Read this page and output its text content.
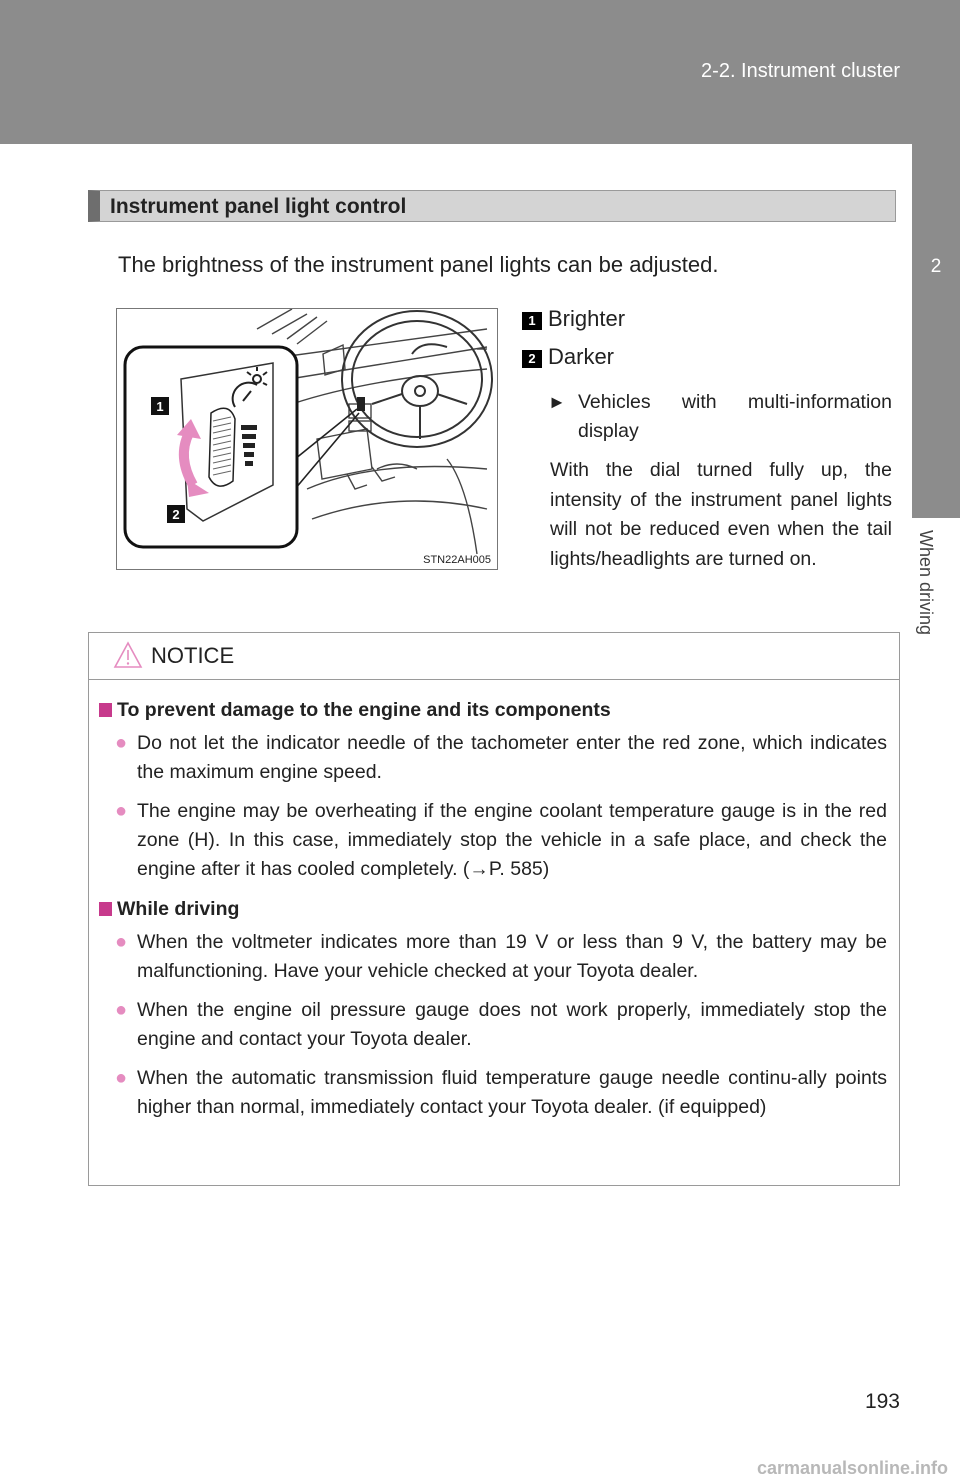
2-2. Instrument cluster
2
When driving
Instrument panel light control
The brightness of the instrument panel lights can be adjusted.
1
2
STN22AH005
1 Brighter
2 Darker
► Vehicles with multi-information display
With the dial turned fully up, the intensity of the instrument panel lights will not be reduced even when the tail lights/headlights are turned on.
NOTICE
To prevent damage to the engine and its components
● Do not let the indicator needle of the tachometer enter the red zone, which indicates the maximum engine speed.
● The engine may be overheating if the engine coolant temperature gauge is in the red zone (H). In this case, immediately stop the vehicle in a safe place, and check the engine after it has cooled completely. (→P. 585)
While driving
● When the voltmeter indicates more than 19 V or less than 9 V, the battery may be malfunctioning. Have your vehicle checked at your Toyota dealer.
● When the engine oil pressure gauge does not work properly, immediately stop the engine and contact your Toyota dealer.
● When the automatic transmission fluid temperature gauge needle continu-ally points higher than normal, immediately contact your Toyota dealer. (if equipped)
193
carmanualsonline.info
